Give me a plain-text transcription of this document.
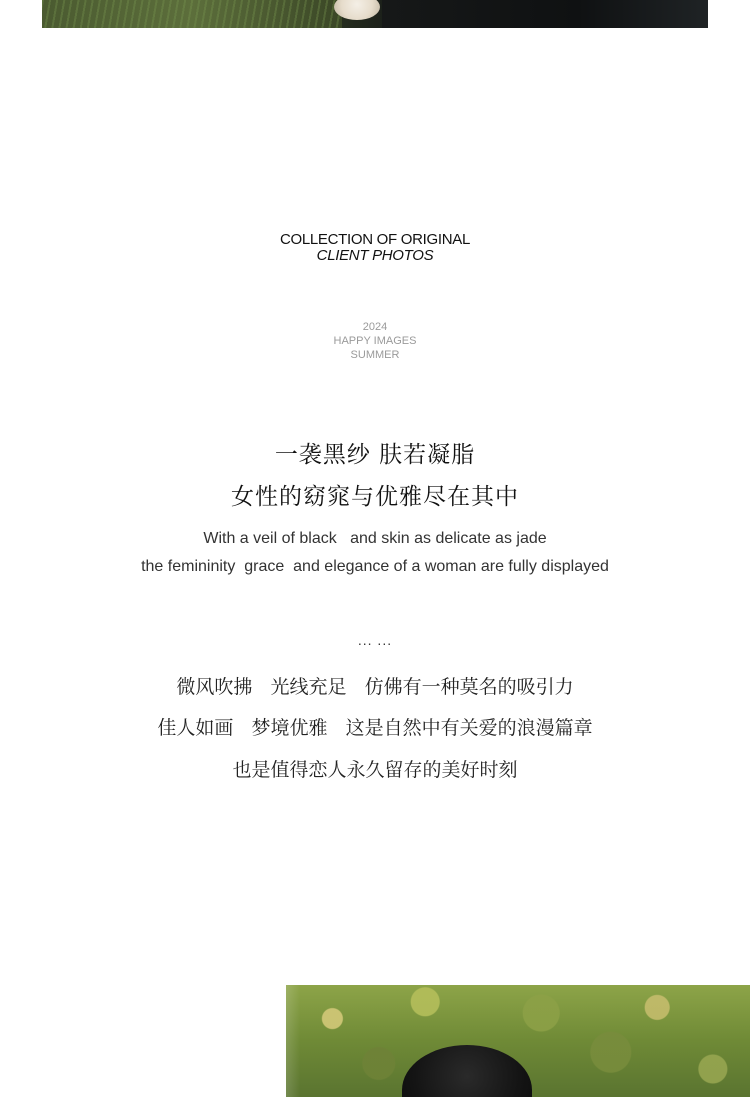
COLLECTION OF ORIGINAL
CLIENT PHOTOS
2024
HAPPY IMAGES
SUMMER
一袭黑纱 肤若凝脂
女性的窈窕与优雅尽在其中
With a veil of black   and skin as delicate as jade
the femininity  grace  and elegance of a woman are fully displayed
... ...
微风吹拂   光线充足   仿佛有一种莫名的吸引力
佳人如画   梦境优雅   这是自然中有关爱的浪漫篇章
也是值得恋人永久留存的美好时刻
